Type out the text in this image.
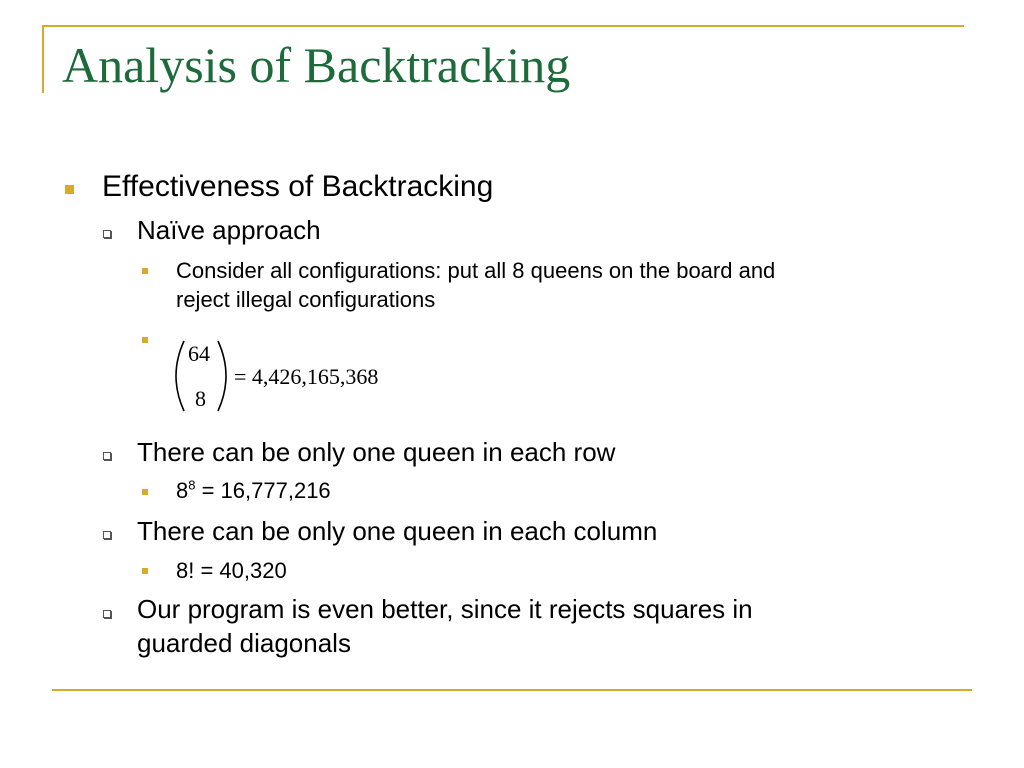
Analysis of Backtracking
Effectiveness of Backtracking
Naïve approach
Consider all configurations: put all 8 queens on the board and
reject illegal configurations
64
8
= 4,426,165,368
There can be only one queen in each row
$8^8 = 16,777,216$
There can be only one queen in each column
8! = 40,320
Our program is even better, since it rejects squares in
guarded diagonals
